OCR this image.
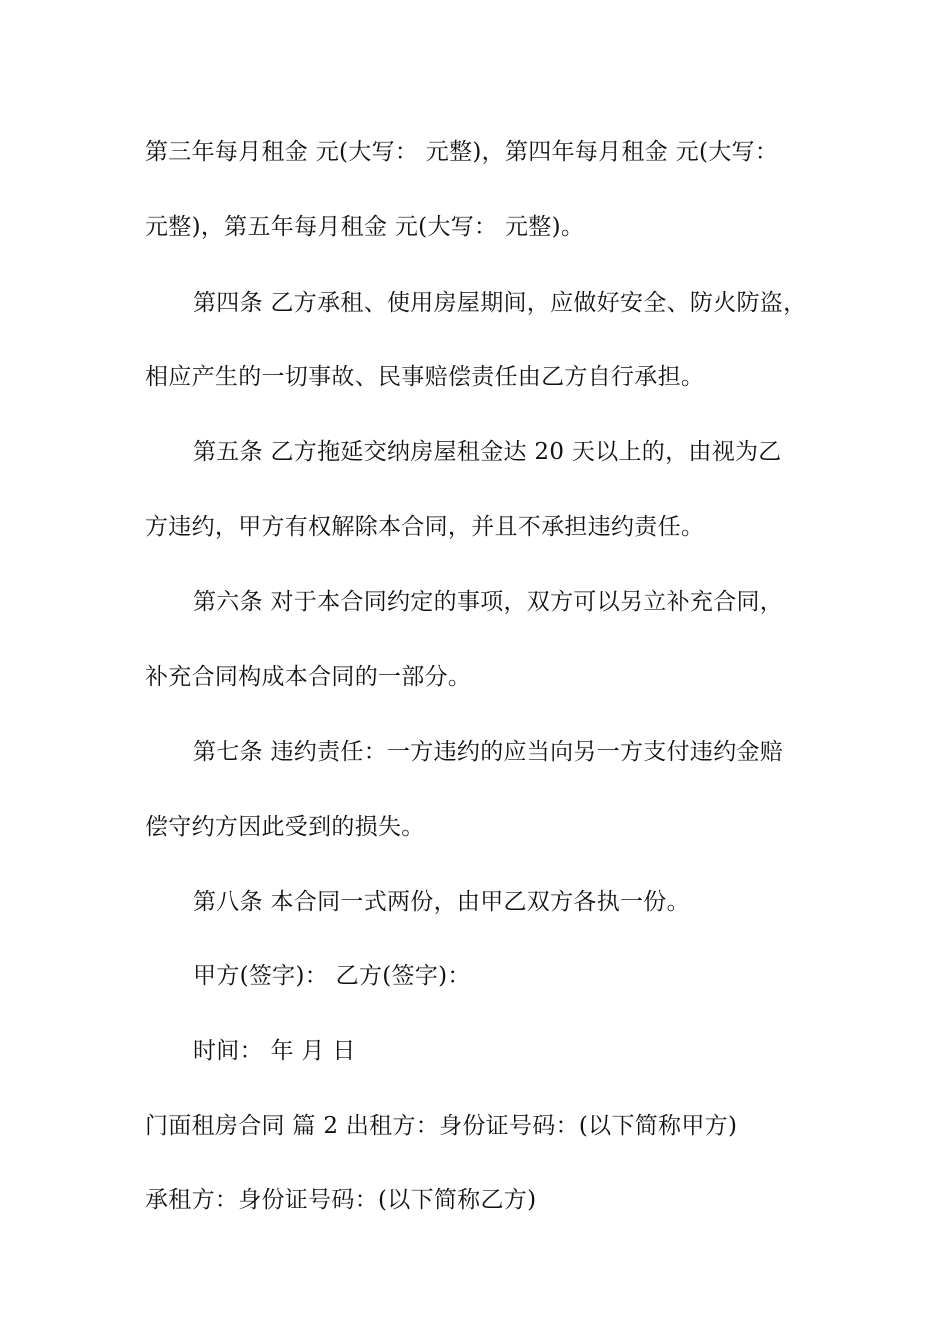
第三年每月租金 元(大写： 元整)，第四年每月租金 元(大写：
元整)，第五年每月租金 元(大写： 元整)。
第四条 乙方承租、使用房屋期间，应做好安全、防火防盗，
相应产生的一切事故、民事赔偿责任由乙方自行承担。
第五条 乙方拖延交纳房屋租金达 20 天以上的，由视为乙
方违约，甲方有权解除本合同，并且不承担违约责任。
第六条 对于本合同约定的事项，双方可以另立补充合同，
补充合同构成本合同的一部分。
第七条 违约责任：一方违约的应当向另一方支付违约金赔
偿守约方因此受到的损失。
第八条 本合同一式两份，由甲乙双方各执一份。
甲方(签字)： 乙方(签字)：
时间： 年 月 日
门面租房合同 篇 2 出租方：身份证号码：(以下简称甲方)
承租方：身份证号码：(以下简称乙方)
